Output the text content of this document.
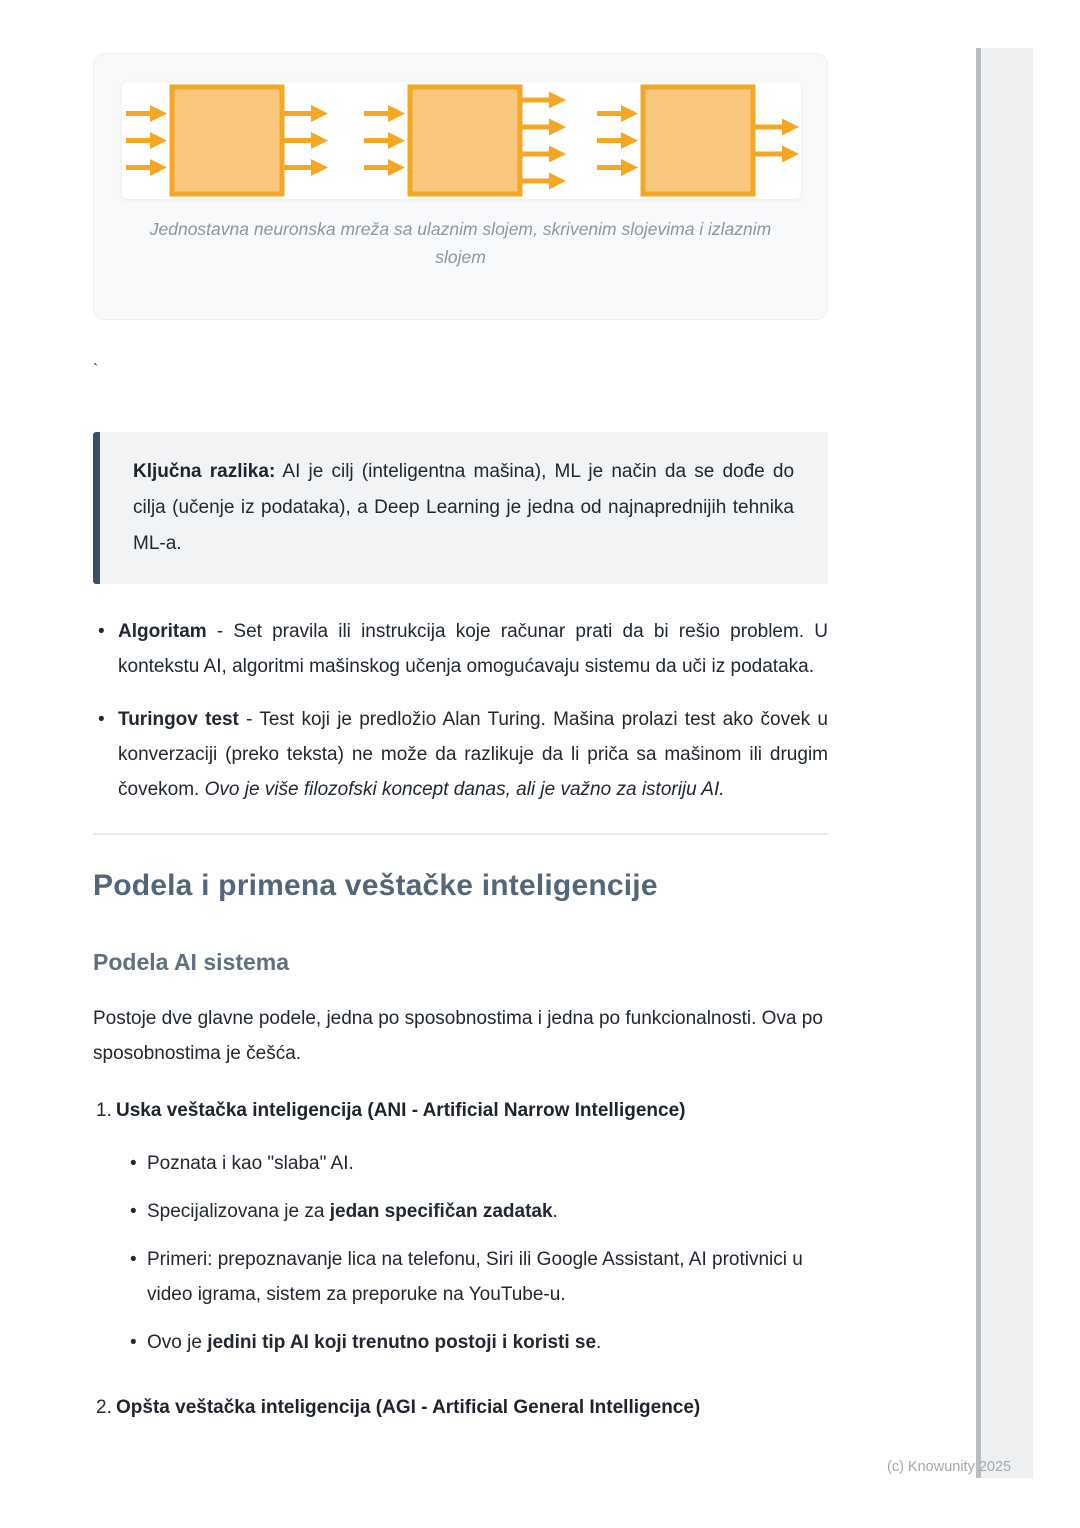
Jednostavna neuronska mreža sa ulaznim slojem, skrivenim slojevima i izlaznim slojem
`

Ključna razlika: AI je cilj (inteligentna mašina), ML je način da se dođe do cilja (učenje iz podataka), a Deep Learning je jedna od najnaprednijih tehnika ML-a.

• Algoritam - Set pravila ili instrukcija koje računar prati da bi rešio problem. U kontekstu AI, algoritmi mašinskog učenja omogućavaju sistemu da uči iz podataka.
• Turingov test - Test koji je predložio Alan Turing. Mašina prolazi test ako čovek u konverzaciji (preko teksta) ne može da razlikuje da li priča sa mašinom ili drugim čovekom. Ovo je više filozofski koncept danas, ali je važno za istoriju AI.
Podela i primena veštačke inteligencije
Podela AI sistema

Postoje dve glavne podele, jedna po sposobnostima i jedna po funkcionalnosti. Ova po sposobnostima je češća.

1. Uska veštačka inteligencija (ANI - Artificial Narrow Intelligence)
• Poznata i kao "slaba" AI.
• Specijalizovana je za jedan specifičan zadatak.
• Primeri: prepoznavanje lica na telefonu, Siri ili Google Assistant, AI protivnici u video igrama, sistem za preporuke na YouTube-u.
• Ovo je jedini tip AI koji trenutno postoji i koristi se.
2. Opšta veštačka inteligencija (AGI - Artificial General Intelligence)
(c) Knowunity 2025
